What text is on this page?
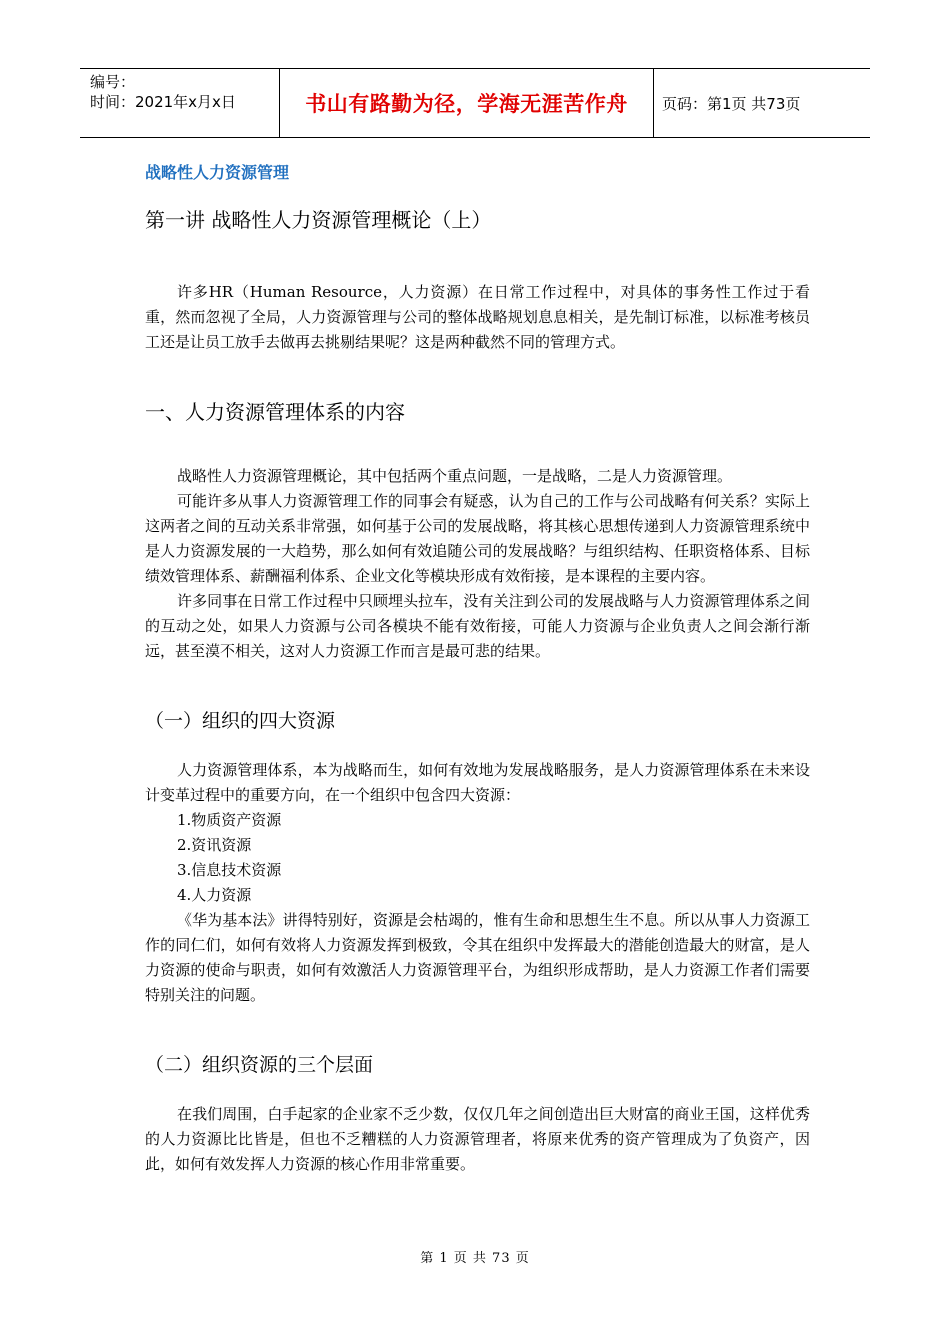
编号：
时间：2021年x月x日	书山有路勤为径，学海无涯苦作舟	页码：第1页 共73页

战略性人力资源管理

第一讲 战略性人力资源管理概论（上）

许多HR（Human Resource，人力资源）在日常工作过程中，对具体的事务性工作过于看重，然而忽视了全局，人力资源管理与公司的整体战略规划息息相关，是先制订标准，以标准考核员工还是让员工放手去做再去挑剔结果呢？这是两种截然不同的管理方式。

一、人力资源管理体系的内容

战略性人力资源管理概论，其中包括两个重点问题，一是战略，二是人力资源管理。

可能许多从事人力资源管理工作的同事会有疑惑，认为自己的工作与公司战略有何关系？实际上这两者之间的互动关系非常强，如何基于公司的发展战略，将其核心思想传递到人力资源管理系统中是人力资源发展的一大趋势，那么如何有效追随公司的发展战略？与组织结构、任职资格体系、目标绩效管理体系、薪酬福利体系、企业文化等模块形成有效衔接，是本课程的主要内容。

许多同事在日常工作过程中只顾埋头拉车，没有关注到公司的发展战略与人力资源管理体系之间的互动之处，如果人力资源与公司各模块不能有效衔接，可能人力资源与企业负责人之间会渐行渐远，甚至漠不相关，这对人力资源工作而言是最可悲的结果。

（一）组织的四大资源

人力资源管理体系，本为战略而生，如何有效地为发展战略服务，是人力资源管理体系在未来设计变革过程中的重要方向，在一个组织中包含四大资源：

1.物质资产资源

2.资讯资源

3.信息技术资源

4.人力资源

《华为基本法》讲得特别好，资源是会枯竭的，惟有生命和思想生生不息。所以从事人力资源工作的同仁们，如何有效将人力资源发挥到极致，令其在组织中发挥最大的潜能创造最大的财富，是人力资源的使命与职责，如何有效激活人力资源管理平台，为组织形成帮助，是人力资源工作者们需要特别关注的问题。

（二）组织资源的三个层面

在我们周围，白手起家的企业家不乏少数，仅仅几年之间创造出巨大财富的商业王国，这样优秀的人力资源比比皆是，但也不乏糟糕的人力资源管理者，将原来优秀的资产管理成为了负资产，因此，如何有效发挥人力资源的核心作用非常重要。

第 1 页 共 73 页
